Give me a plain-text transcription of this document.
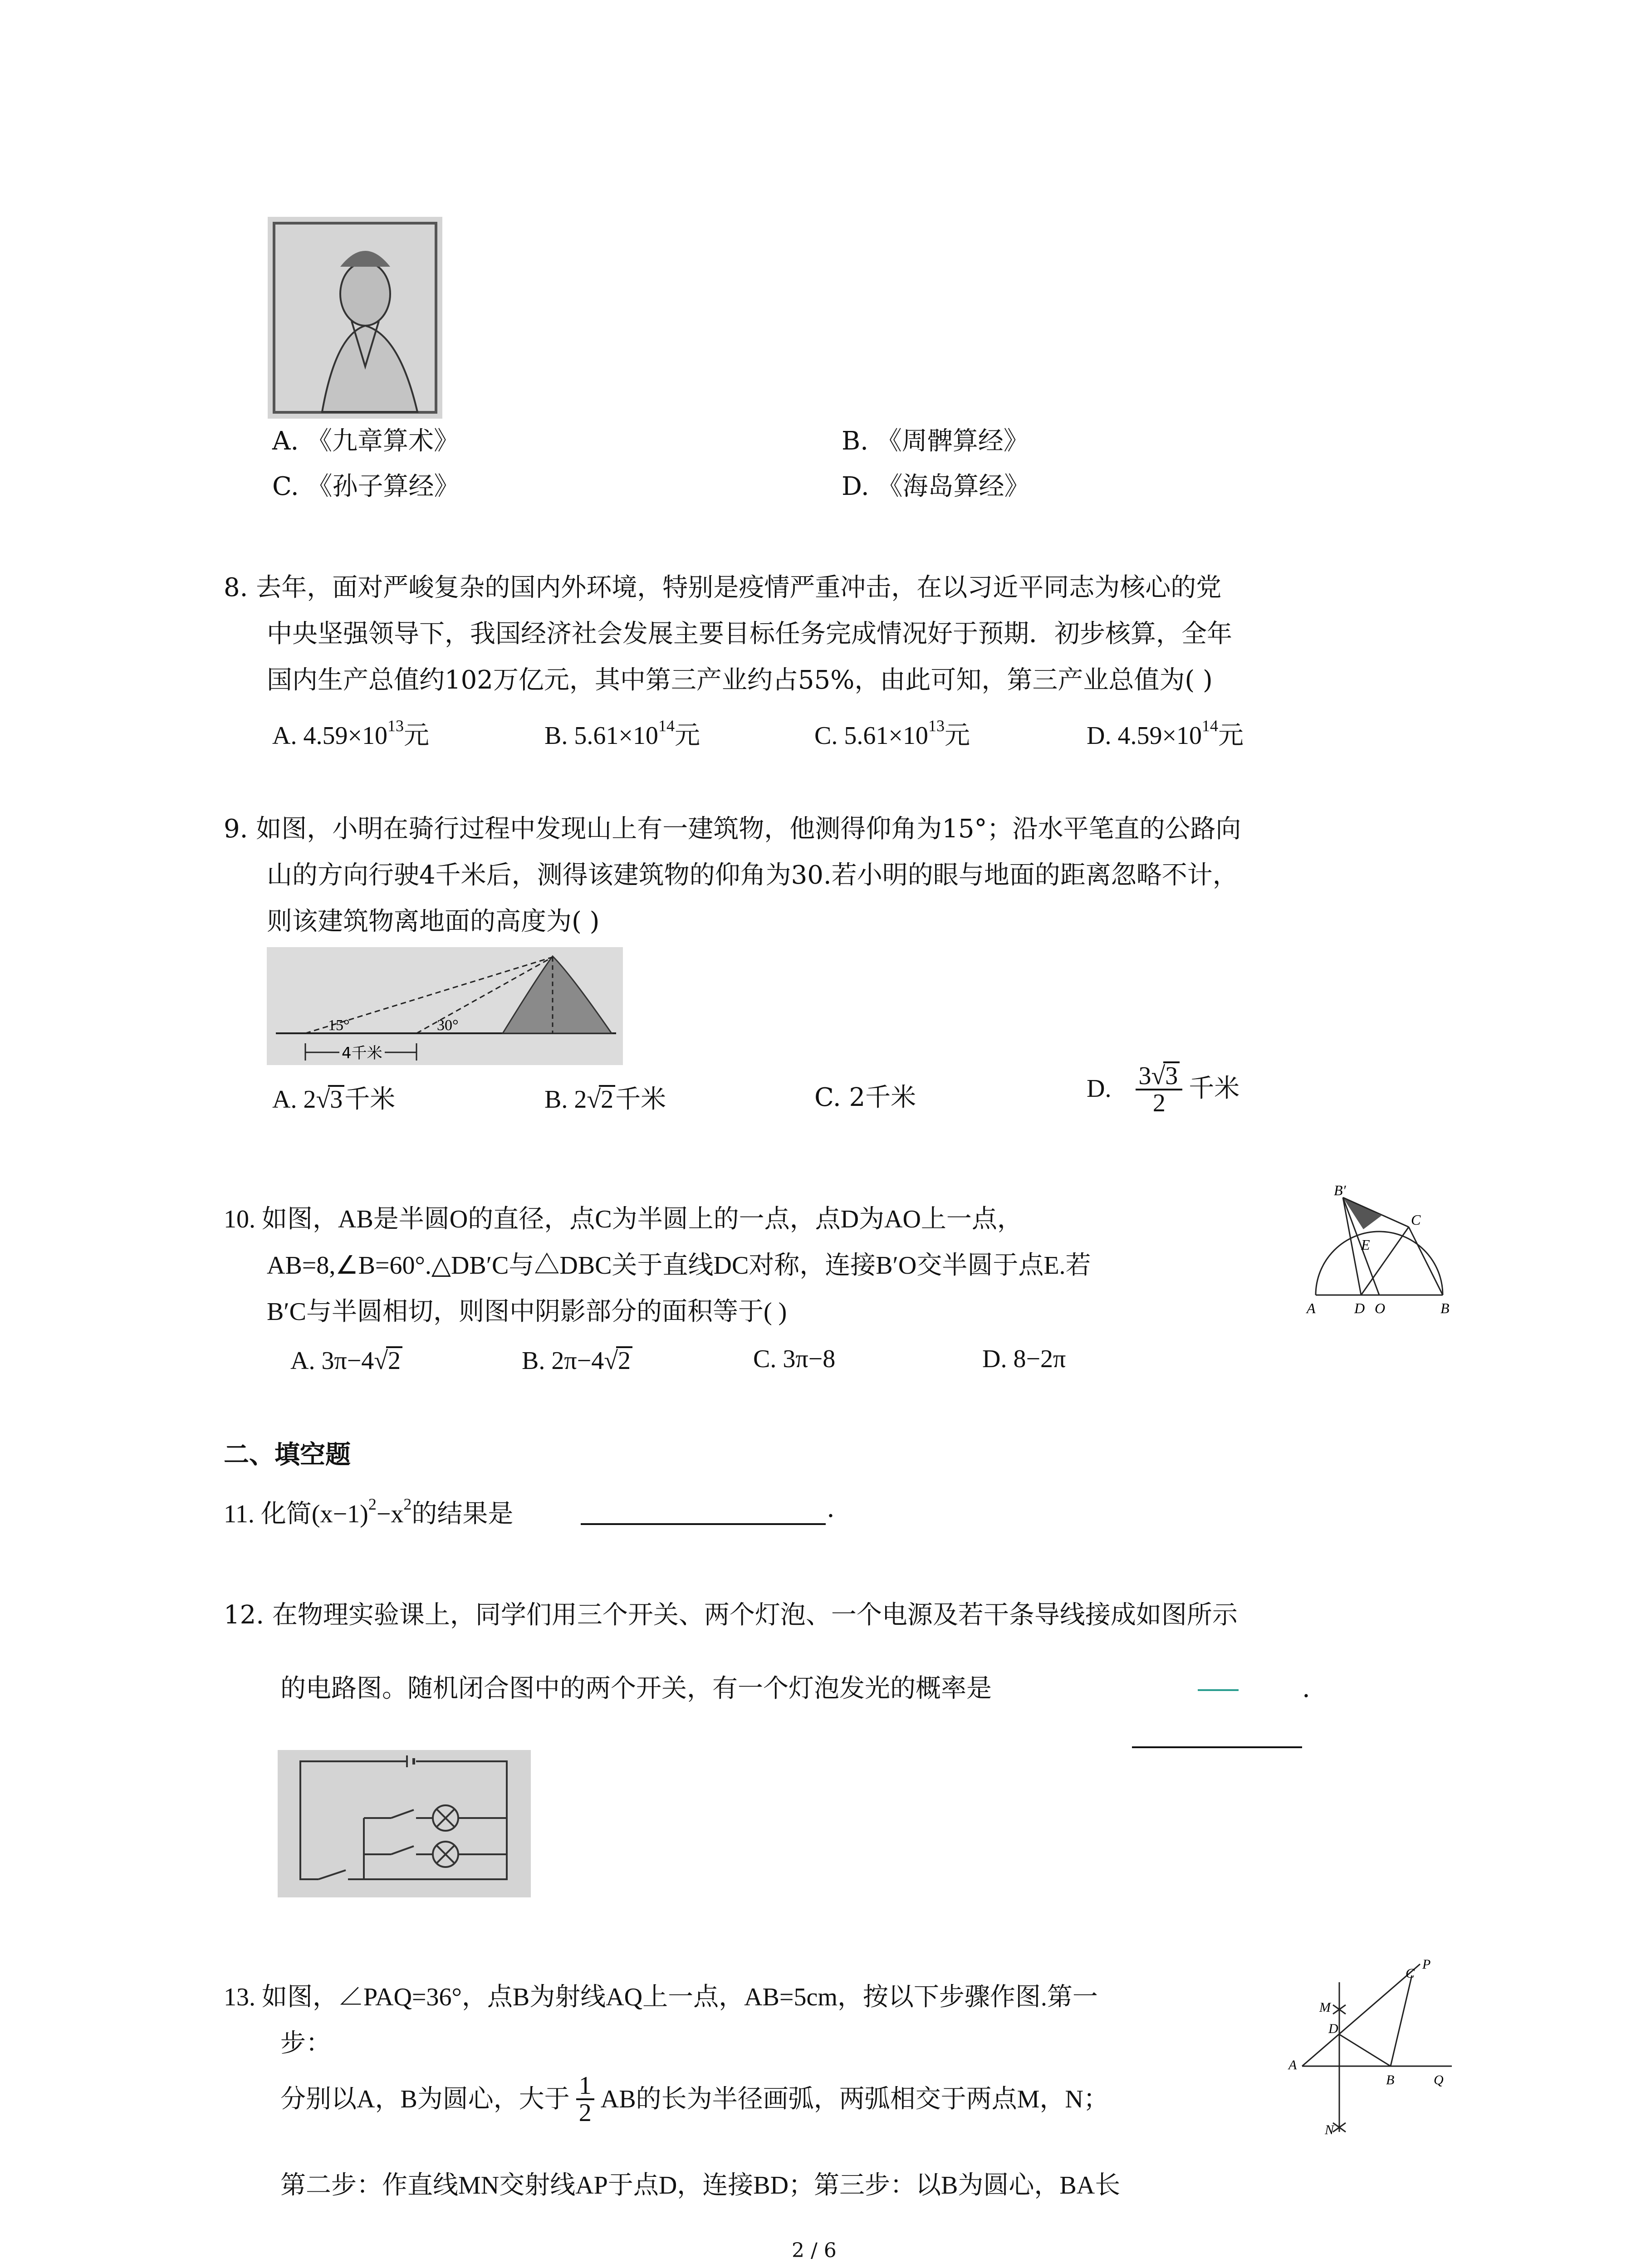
A. 《九章算术》	B. 《周髀算经》
C. 《孙子算经》	D. 《海岛算经》
8. 去年，面对严峻复杂的国内外环境，特别是疫情严重冲击，在以习近平同志为核心的党
中央坚强领导下，我国经济社会发展主要目标任务完成情况好于预期．初步核算，全年
国内生产总值约102万亿元，其中第三产业约占55%，由此可知，第三产业总值为( )
A. $4.59\times 10^{13}$元	B. $5.61\times 10^{14}$元	C. $5.61\times 10^{13}$元	D. $4.59\times 10^{14}$元
9. 如图，小明在骑行过程中发现山上有一建筑物，他测得仰角为15°；沿水平笔直的公路向
山的方向行驶4千米后，测得该建筑物的仰角为30.若小明的眼与地面的距离忽略不计，
则该建筑物离地面的高度为( )
15°	30°
4千米
A. 2√3千米	B. 2√2千米	C. 2千米	D. $\frac{3√3}{2}$ 千米
10. 如图，AB是半圆O的直径，点C为半圆上的一点，点D为AO上一点，
AB=8,∠B=60°.△DB′C与△DBC关于直线DC对称，连接B′O交半圆于点E.若
B′C与半圆相切，则图中阴影部分的面积等于( )
B′
C
E
A	D O	B
A. 3π−4√2	B. 2π−4√2	C. 3π−8	D. 8−2π
二、填空题
11. 化简$(x-1)^2-x^2$的结果是	.
12. 在物理实验课上，同学们用三个开关、两个灯泡、一个电源及若干条导线接成如图所示
的电路图。随机闭合图中的两个开关，有一个灯泡发光的概率是	.
13. 如图，∠PAQ=36°，点B为射线AQ上一点，AB=5cm，按以下步骤作图.第一
步：
分别以A，B为圆心，大于 $\frac{1}{2}$ AB的长为半径画弧，两弧相交于两点M，N；
第二步：作直线MN交射线AP于点D，连接BD；第三步：以B为圆心，BA长
P
C
M
D
A
B	Q
N
2 / 6
